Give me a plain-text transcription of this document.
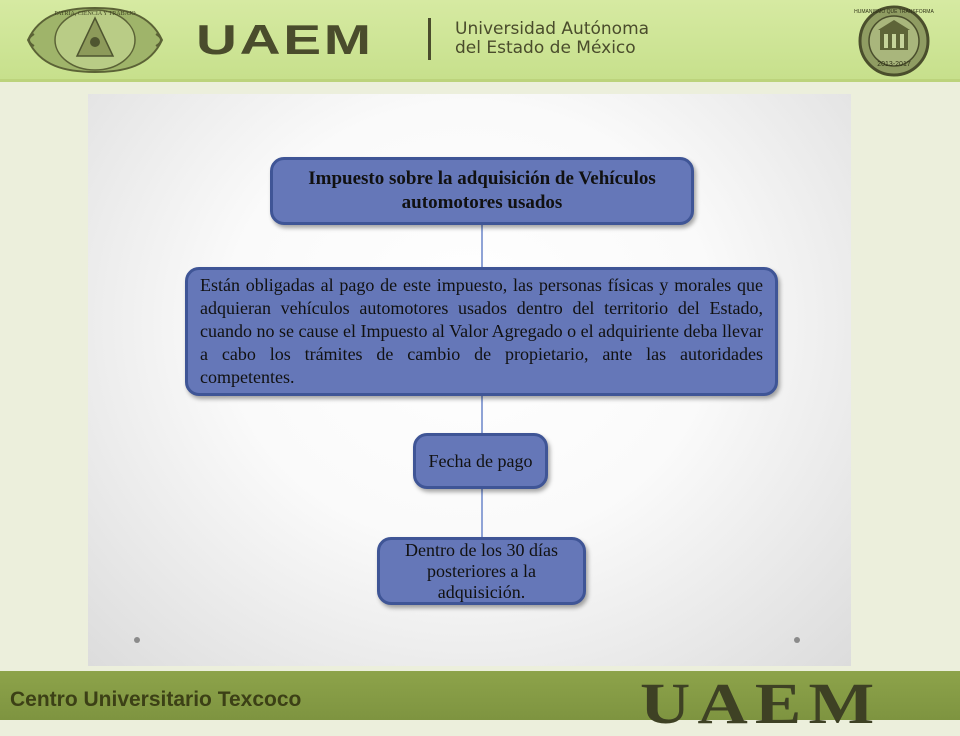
PATRIA, CIENCIA Y TRABAJO
UAEM	Universidad Autónoma
del Estado de México
HUMANISMO QUE TRANSFORMA
2013-2017
Impuesto sobre la adquisición de Vehículos automotores usados
Están obligadas al pago de este impuesto, las personas físicas y morales que adquieran vehículos automotores usados dentro del territorio del Estado, cuando no se cause el Impuesto al Valor Agregado o el adquiriente deba llevar a cabo los trámites de cambio de propietario, ante las autoridades competentes.
Fecha de pago
Dentro de los 30 días posteriores a la adquisición.
Centro Universitario Texcoco	UAEM
